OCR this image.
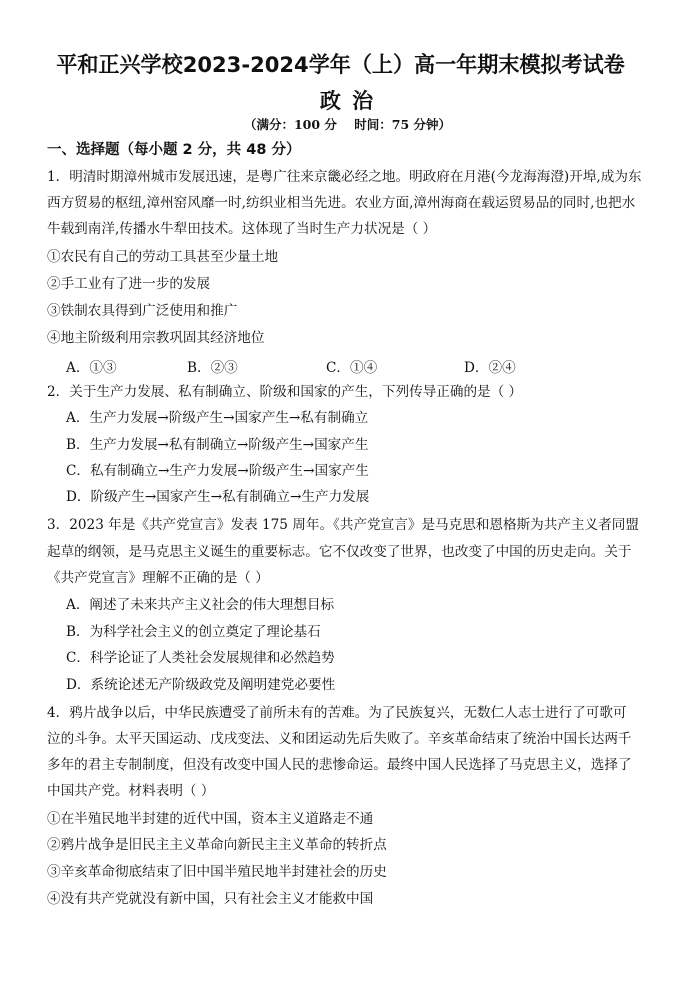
平和正兴学校2023-2024学年（上）高一年期末模拟考试卷
政 治
（满分：100 分    时间：75 分钟）
一、选择题（每小题 2 分，共 48 分）
1．明清时期漳州城市发展迅速，是粤广往来京畿必经之地。明政府在月港(今龙海海澄)开埠,成为东
西方贸易的枢纽,漳州窑风靡一时,纺织业相当先进。农业方面,漳州海商在载运贸易品的同时,也把水
牛载到南洋,传播水牛犁田技术。这体现了当时生产力状况是（ ）
①农民有自己的劳动工具甚至少量土地
②手工业有了进一步的发展
③铁制农具得到广泛使用和推广
④地主阶级利用宗教巩固其经济地位
A．①③	B．②③	C．①④	D．②④
2．关于生产力发展、私有制确立、阶级和国家的产生，下列传导正确的是（ ）
A．生产力发展→阶级产生→国家产生→私有制确立
B．生产力发展→私有制确立→阶级产生→国家产生
C．私有制确立→生产力发展→阶级产生→国家产生
D．阶级产生→国家产生→私有制确立→生产力发展
3．2023 年是《共产党宣言》发表 175 周年。《共产党宣言》是马克思和恩格斯为共产主义者同盟
起草的纲领，是马克思主义诞生的重要标志。它不仅改变了世界，也改变了中国的历史走向。关于
《共产党宣言》理解不正确的是（ ）
A．阐述了未来共产主义社会的伟大理想目标
B．为科学社会主义的创立奠定了理论基石
C．科学论证了人类社会发展规律和必然趋势
D．系统论述无产阶级政党及阐明建党必要性
4．鸦片战争以后，中华民族遭受了前所未有的苦难。为了民族复兴，无数仁人志士进行了可歌可
泣的斗争。太平天国运动、戊戌变法、义和团运动先后失败了。辛亥革命结束了统治中国长达两千
多年的君主专制制度，但没有改变中国人民的悲惨命运。最终中国人民选择了马克思主义，选择了
中国共产党。材料表明（ ）
①在半殖民地半封建的近代中国，资本主义道路走不通
②鸦片战争是旧民主主义革命向新民主主义革命的转折点
③辛亥革命彻底结束了旧中国半殖民地半封建社会的历史
④没有共产党就没有新中国，只有社会主义才能救中国
